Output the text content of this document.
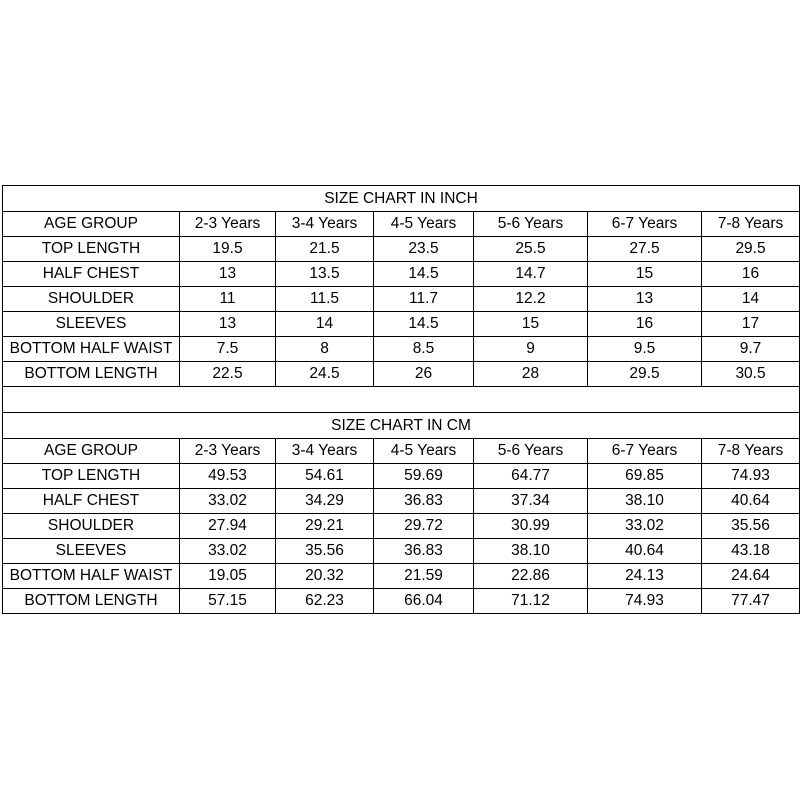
SIZE CHART IN INCH						
AGE GROUP	2-3 Years	3-4 Years	4-5 Years	5-6 Years	6-7 Years	7-8 Years
TOP LENGTH	19.5	21.5	23.5	25.5	27.5	29.5
HALF CHEST	13	13.5	14.5	14.7	15	16
SHOULDER	11	11.5	11.7	12.2	13	14
SLEEVES	13	14	14.5	15	16	17
BOTTOM HALF WAIST	7.5	8	8.5	9	9.5	9.7
BOTTOM LENGTH	22.5	24.5	26	28	29.5	30.5

SIZE CHART IN CM						
AGE GROUP	2-3 Years	3-4 Years	4-5 Years	5-6 Years	6-7 Years	7-8 Years
TOP LENGTH	49.53	54.61	59.69	64.77	69.85	74.93
HALF CHEST	33.02	34.29	36.83	37.34	38.10	40.64
SHOULDER	27.94	29.21	29.72	30.99	33.02	35.56
SLEEVES	33.02	35.56	36.83	38.10	40.64	43.18
BOTTOM HALF WAIST	19.05	20.32	21.59	22.86	24.13	24.64
BOTTOM LENGTH	57.15	62.23	66.04	71.12	74.93	77.47
